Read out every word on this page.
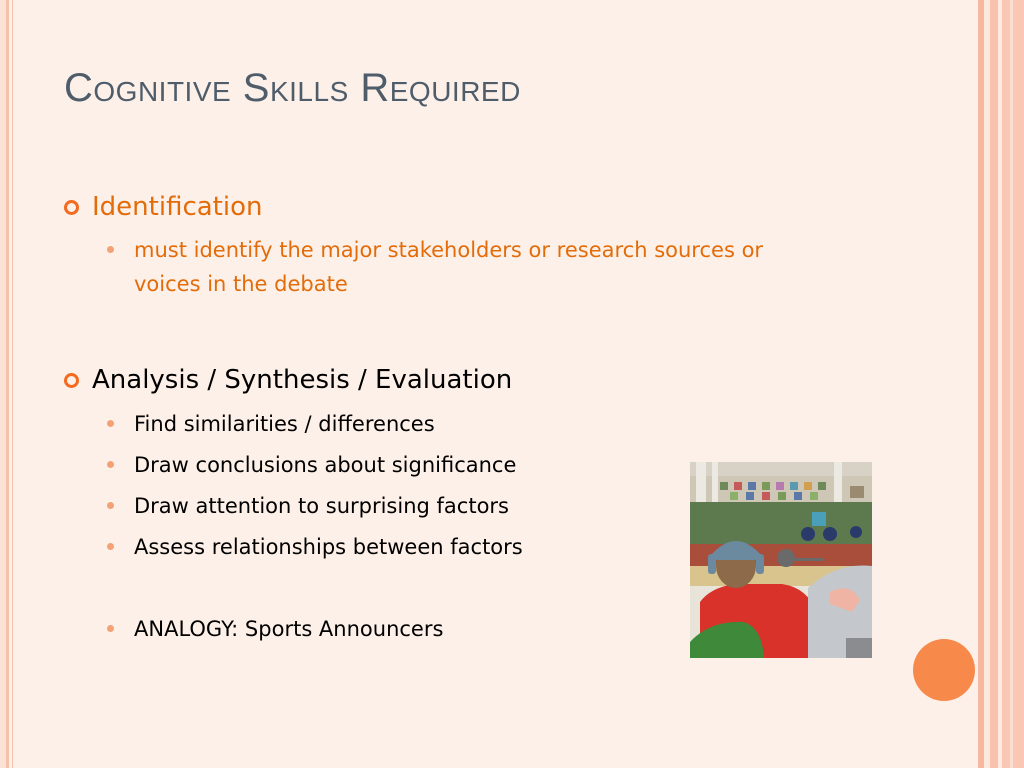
Cognitive Skills Required
Identification
must identify the major stakeholders or research sources or
voices in the debate
Analysis / Synthesis / Evaluation
Find similarities / differences
Draw conclusions about significance
Draw attention to surprising factors
Assess relationships between factors
ANALOGY: Sports Announcers
